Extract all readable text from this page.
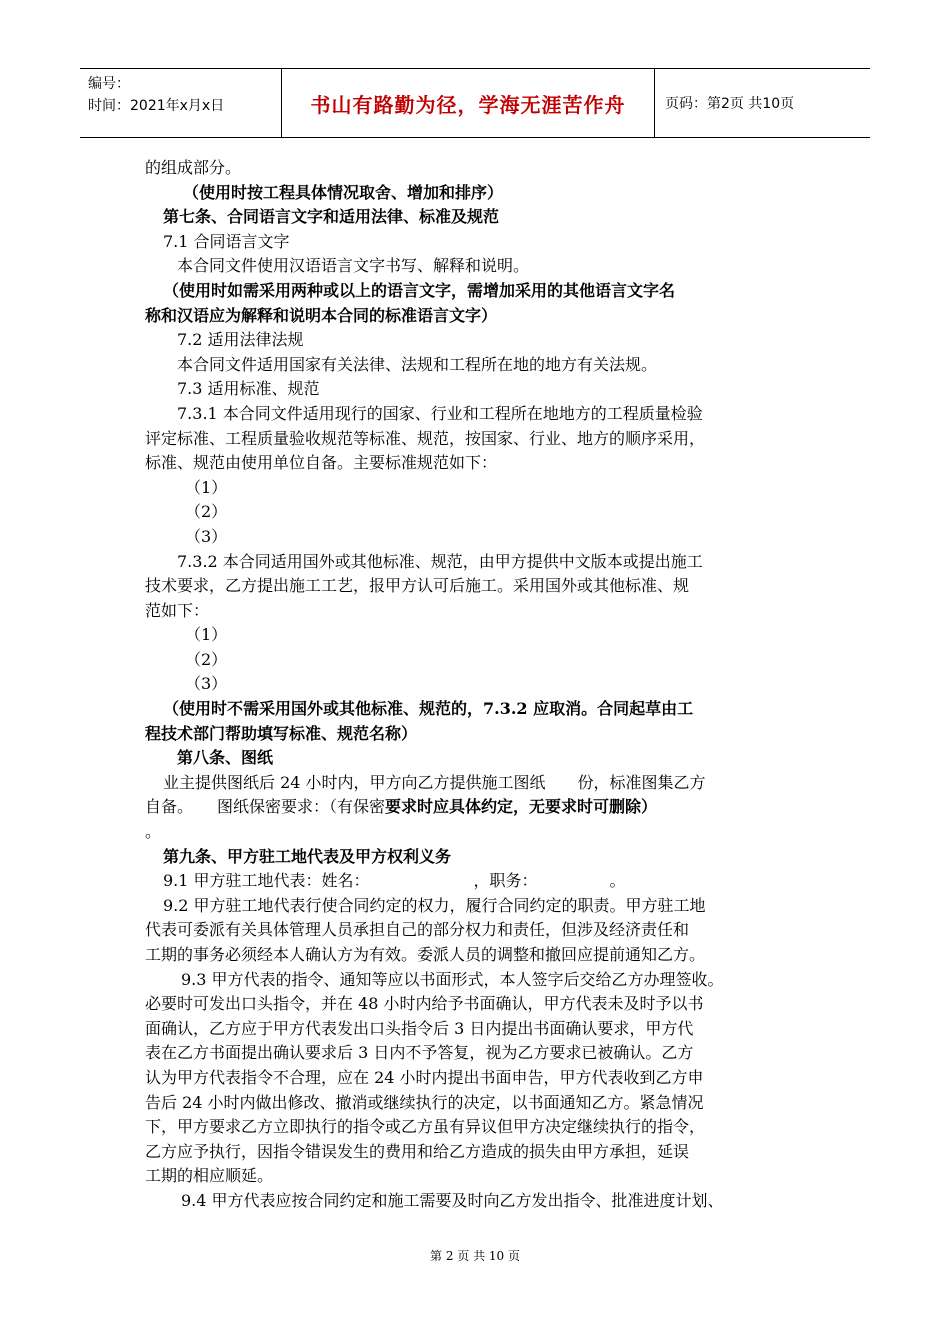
编号：
时间：2021年x月x日	书山有路勤为径，学海无涯苦作舟	页码：第2页 共10页

的组成部分。

（使用时按工程具体情况取舍、增加和排序）

第七条、合同语言文字和适用法律、标准及规范

7.1 合同语言文字

本合同文件使用汉语语言文字书写、解释和说明。

（使用时如需采用两种或以上的语言文字，需增加采用的其他语言文字名

称和汉语应为解释和说明本合同的标准语言文字）

7.2 适用法律法规

本合同文件适用国家有关法律、法规和工程所在地的地方有关法规。

7.3 适用标准、规范

7.3.1 本合同文件适用现行的国家、行业和工程所在地地方的工程质量检验

评定标准、工程质量验收规范等标准、规范，按国家、行业、地方的顺序采用，

标准、规范由使用单位自备。主要标准规范如下：

（1）

（2）

（3）

7.3.2 本合同适用国外或其他标准、规范，由甲方提供中文版本或提出施工

技术要求，乙方提出施工工艺，报甲方认可后施工。采用国外或其他标准、规

范如下：

（1）

（2）

（3）

（使用时不需采用国外或其他标准、规范的，7.3.2 应取消。合同起草由工

程技术部门帮助填写标准、规范名称）

第八条、图纸

业主提供图纸后 24 小时内，甲方向乙方提供施工图纸　　份，标准图集乙方

自备。　　图纸保密要求：（有保密要求时应具体约定，无要求时可删除）

。

第九条、甲方驻工地代表及甲方权利义务

9.1 甲方驻工地代表：姓名：　　　　　　　，职务：　　　　　。

9.2 甲方驻工地代表行使合同约定的权力，履行合同约定的职责。甲方驻工地

代表可委派有关具体管理人员承担自己的部分权力和责任，但涉及经济责任和

工期的事务必须经本人确认方为有效。委派人员的调整和撤回应提前通知乙方。

9.3 甲方代表的指令、通知等应以书面形式，本人签字后交给乙方办理签收。

必要时可发出口头指令，并在 48 小时内给予书面确认，甲方代表未及时予以书

面确认，乙方应于甲方代表发出口头指令后 3 日内提出书面确认要求，甲方代

表在乙方书面提出确认要求后 3 日内不予答复，视为乙方要求已被确认。乙方

认为甲方代表指令不合理，应在 24 小时内提出书面申告，甲方代表收到乙方申

告后 24 小时内做出修改、撤消或继续执行的决定，以书面通知乙方。紧急情况

下，甲方要求乙方立即执行的指令或乙方虽有异议但甲方决定继续执行的指令，

乙方应予执行，因指令错误发生的费用和给乙方造成的损失由甲方承担，延误

工期的相应顺延。

9.4 甲方代表应按合同约定和施工需要及时向乙方发出指令、批准进度计划、

第 2 页 共 10 页
